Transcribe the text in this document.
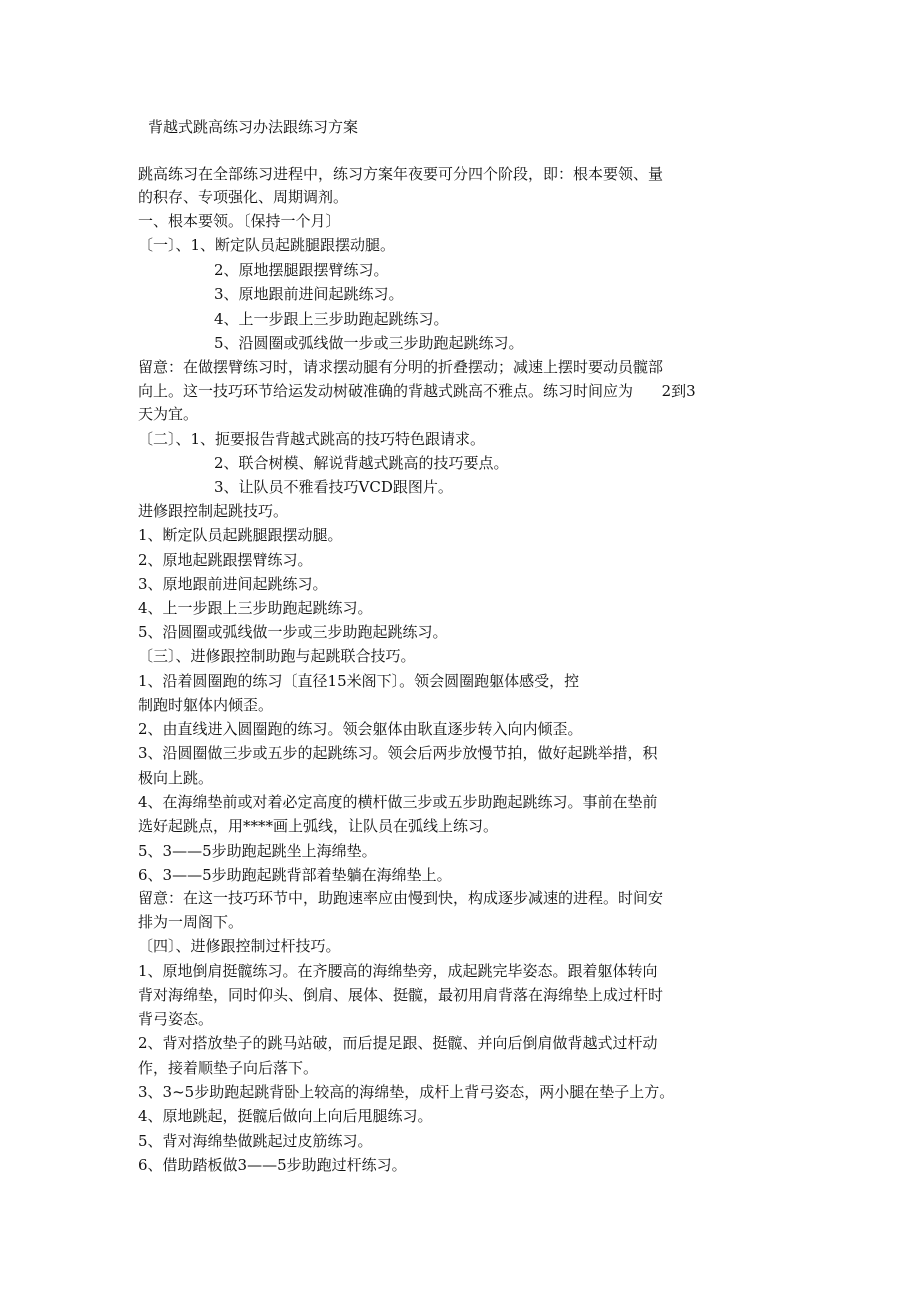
背越式跳高练习办法跟练习方案
跳高练习在全部练习进程中，练习方案年夜要可分四个阶段，即：根本要领、量
的积存、专项强化、周期调剂。
一、根本要领。〔保持一个月〕
〔一〕、1、断定队员起跳腿跟摆动腿。
2、原地摆腿跟摆臂练习。
3、原地跟前进间起跳练习。
4、上一步跟上三步助跑起跳练习。
5、沿圆圈或弧线做一步或三步助跑起跳练习。
留意：在做摆臂练习时，请求摆动腿有分明的折叠摆动；减速上摆时要动员髋部
向上。这一技巧环节给运发动树破准确的背越式跳高不雅点。练习时间应为      2到3
天为宜。
〔二〕、1、扼要报告背越式跳高的技巧特色跟请求。
2、联合树模、解说背越式跳高的技巧要点。
3、让队员不雅看技巧VCD跟图片。
进修跟控制起跳技巧。
1、断定队员起跳腿跟摆动腿。
2、原地起跳跟摆臂练习。
3、原地跟前进间起跳练习。
4、上一步跟上三步助跑起跳练习。
5、沿圆圈或弧线做一步或三步助跑起跳练习。
〔三〕、进修跟控制助跑与起跳联合技巧。
1、沿着圆圈跑的练习〔直径15米阁下〕。领会圆圈跑躯体感受，控
制跑时躯体内倾歪。
2、由直线进入圆圈跑的练习。领会躯体由耿直逐步转入向内倾歪。
3、沿圆圈做三步或五步的起跳练习。领会后两步放慢节拍，做好起跳举措，积
极向上跳。
4、在海绵垫前或对着必定高度的横杆做三步或五步助跑起跳练习。事前在垫前
选好起跳点，用****画上弧线，让队员在弧线上练习。
5、3——5步助跑起跳坐上海绵垫。
6、3——5步助跑起跳背部着垫躺在海绵垫上。
留意：在这一技巧环节中，助跑速率应由慢到快，构成逐步减速的进程。时间安
排为一周阁下。
〔四〕、进修跟控制过杆技巧。
1、原地倒肩挺髋练习。在齐腰高的海绵垫旁，成起跳完毕姿态。跟着躯体转向
背对海绵垫，同时仰头、倒肩、展体、挺髋，最初用肩背落在海绵垫上成过杆时
背弓姿态。
2、背对搭放垫子的跳马站破，而后提足跟、挺髋、并向后倒肩做背越式过杆动
作，接着顺垫子向后落下。
3、3~5步助跑起跳背卧上较高的海绵垫，成杆上背弓姿态，两小腿在垫子上方。
4、原地跳起，挺髋后做向上向后甩腿练习。
5、背对海绵垫做跳起过皮筋练习。
6、借助踏板做3——5步助跑过杆练习。
